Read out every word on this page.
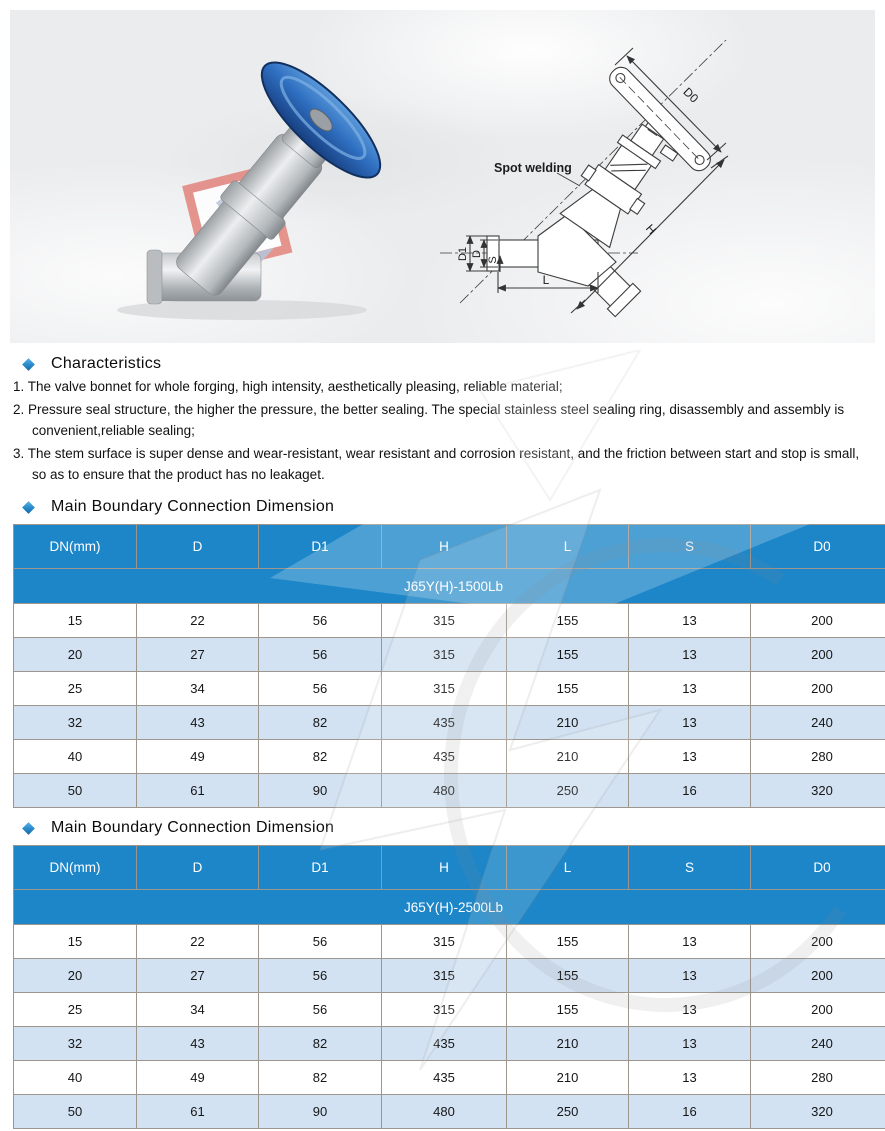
Spot welding
D0
H
D1 D
S
L
Characteristics
1. The valve bonnet for whole forging, high intensity, aesthetically pleasing, reliable material;
2. Pressure seal structure, the higher the pressure, the better sealing. The special stainless steel sealing ring, disassembly and assembly is convenient,reliable sealing;
3. The stem surface is super dense and wear-resistant, wear resistant and corrosion resistant, and the friction between start and stop is small, so as to ensure that the product has no leakaget.
Main Boundary Connection Dimension
DN(mm)	D	D1	H	L	S	D0
J65Y(H)-1500Lb						
15	22	56	315	155	13	200
20	27	56	315	155	13	200
25	34	56	315	155	13	200
32	43	82	435	210	13	240
40	49	82	435	210	13	280
50	61	90	480	250	16	320
Main Boundary Connection Dimension
DN(mm)	D	D1	H	L	S	D0
J65Y(H)-2500Lb						
15	22	56	315	155	13	200
20	27	56	315	155	13	200
25	34	56	315	155	13	200
32	43	82	435	210	13	240
40	49	82	435	210	13	280
50	61	90	480	250	16	320
